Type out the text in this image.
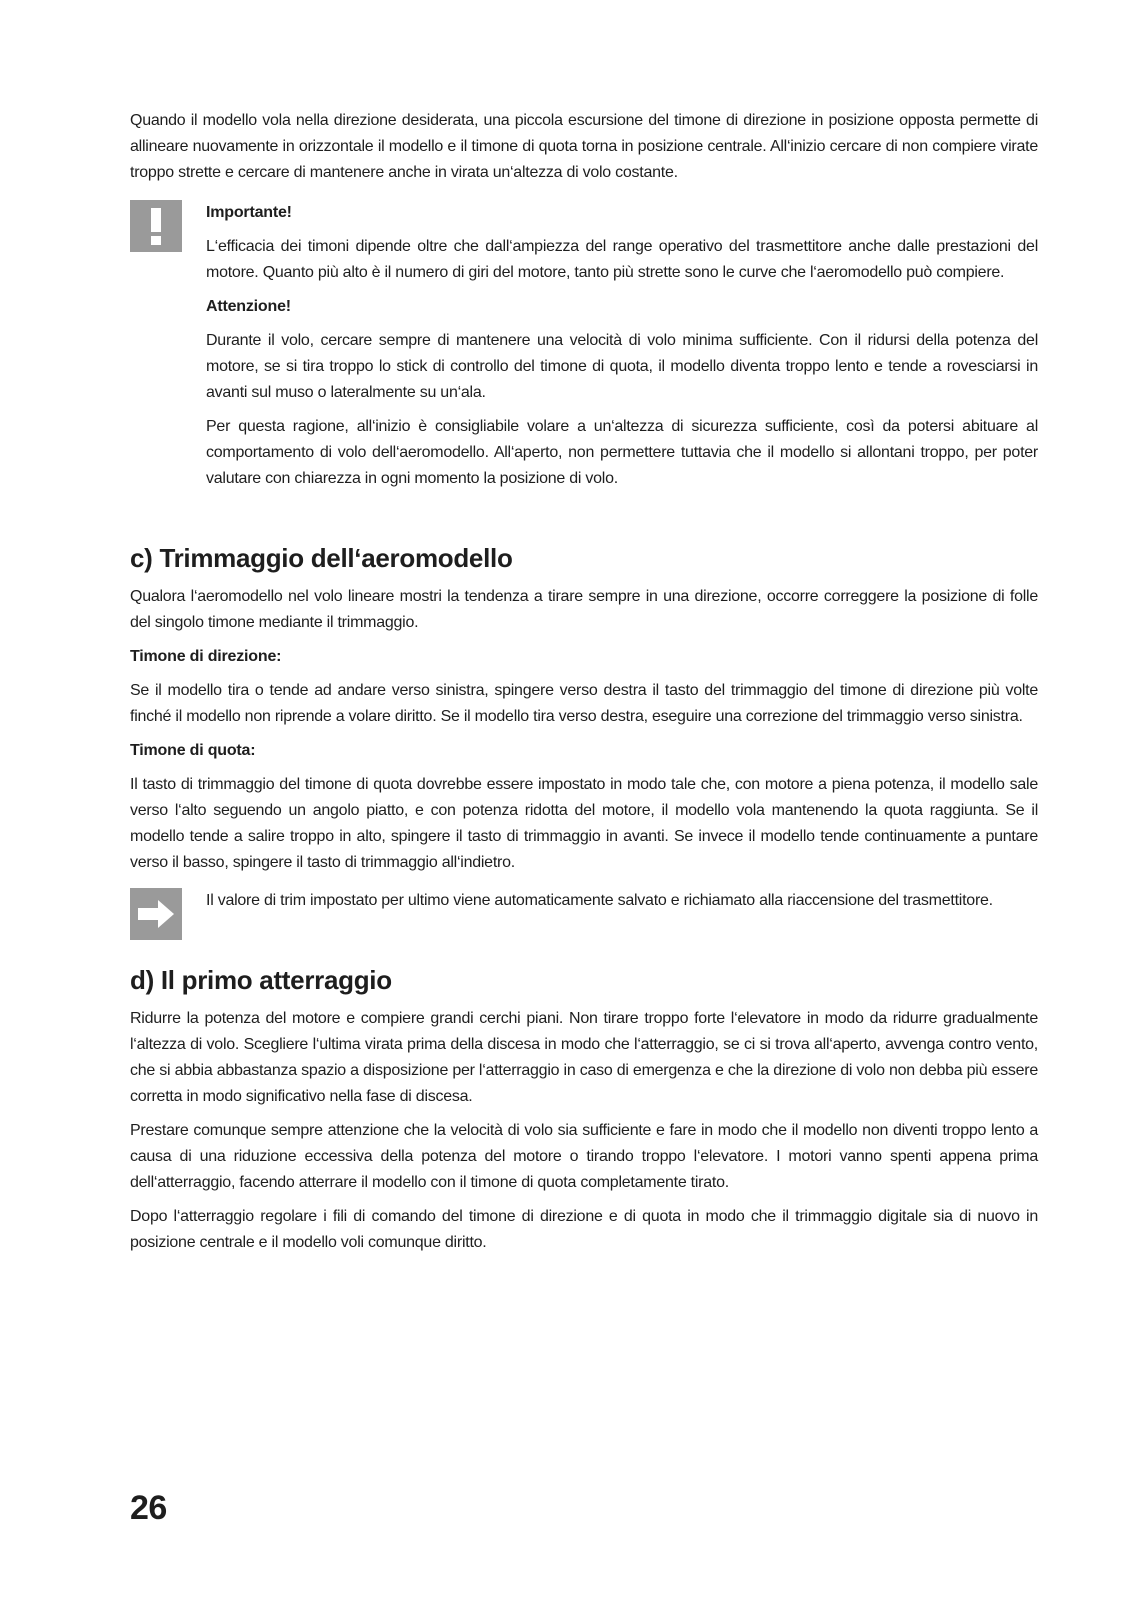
Quando il modello vola nella direzione desiderata, una piccola escursione del timone di direzione in posizione opposta permette di allineare nuovamente in orizzontale il modello e il timone di quota torna in posizione centrale. All‘inizio cercare di non compiere virate troppo strette e cercare di mantenere anche in virata un‘altezza di volo costante.

Importante!

L‘efficacia dei timoni dipende oltre che dall‘ampiezza del range operativo del trasmettitore anche dalle prestazioni del motore. Quanto più alto è il numero di giri del motore, tanto più strette sono le curve che l‘aeromodello può compiere.

Attenzione!

Durante il volo, cercare sempre di mantenere una velocità di volo minima sufficiente. Con il ridursi della potenza del motore, se si tira troppo lo stick di controllo del timone di quota, il modello diventa troppo lento e tende a rovesciarsi in avanti sul muso o lateralmente su un‘ala.

Per questa ragione, all‘inizio è consigliabile volare a un‘altezza di sicurezza sufficiente, così da potersi abituare al comportamento di volo dell‘aeromodello. All‘aperto, non permettere tuttavia che il modello si allontani troppo, per poter valutare con chiarezza in ogni momento la posizione di volo.

c) Trimmaggio dell‘aeromodello

Qualora l‘aeromodello nel volo lineare mostri la tendenza a tirare sempre in una direzione, occorre correggere la posizione di folle del singolo timone mediante il trimmaggio.

Timone di direzione:

Se il modello tira o tende ad andare verso sinistra, spingere verso destra il tasto del trimmaggio del timone di direzione più volte finché il modello non riprende a volare diritto. Se il modello tira verso destra, eseguire una correzione del trimmaggio verso sinistra.

Timone di quota:

Il tasto di trimmaggio del timone di quota dovrebbe essere impostato in modo tale che, con motore a piena potenza, il modello sale verso l‘alto seguendo un angolo piatto, e con potenza ridotta del motore, il modello vola mantenendo la quota raggiunta. Se il modello tende a salire troppo in alto, spingere il tasto di trimmaggio in avanti. Se invece il modello tende continuamente a puntare verso il basso, spingere il tasto di trimmaggio all‘indietro.

Il valore di trim impostato per ultimo viene automaticamente salvato e richiamato alla riaccensione del trasmettitore.

d) Il primo atterraggio

Ridurre la potenza del motore e compiere grandi cerchi piani. Non tirare troppo forte l‘elevatore in modo da ridurre gradualmente l‘altezza di volo. Scegliere l‘ultima virata prima della discesa in modo che l‘atterraggio, se ci si trova all‘aperto, avvenga contro vento, che si abbia abbastanza spazio a disposizione per l‘atterraggio in caso di emergenza e che la direzione di volo non debba più essere corretta in modo significativo nella fase di discesa.

Prestare comunque sempre attenzione che la velocità di volo sia sufficiente e fare in modo che il modello non diventi troppo lento a causa di una riduzione eccessiva della potenza del motore o tirando troppo l‘elevatore. I motori vanno spenti appena prima dell‘atterraggio, facendo atterrare il modello con il timone di quota completamente tirato.

Dopo l‘atterraggio regolare i fili di comando del timone di direzione e di quota in modo che il trimmaggio digitale sia di nuovo in posizione centrale e il modello voli comunque diritto.

26
